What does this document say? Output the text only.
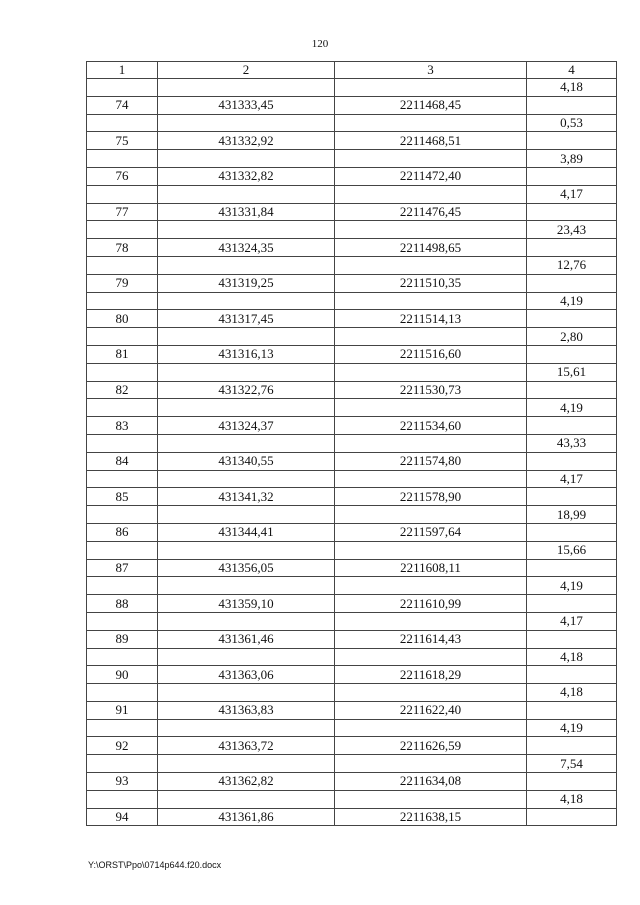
120
1	2	3	4
			4,18
74	431333,45	2211468,45	
			0,53
75	431332,92	2211468,51	
			3,89
76	431332,82	2211472,40	
			4,17
77	431331,84	2211476,45	
			23,43
78	431324,35	2211498,65	
			12,76
79	431319,25	2211510,35	
			4,19
80	431317,45	2211514,13	
			2,80
81	431316,13	2211516,60	
			15,61
82	431322,76	2211530,73	
			4,19
83	431324,37	2211534,60	
			43,33
84	431340,55	2211574,80	
			4,17
85	431341,32	2211578,90	
			18,99
86	431344,41	2211597,64	
			15,66
87	431356,05	2211608,11	
			4,19
88	431359,10	2211610,99	
			4,17
89	431361,46	2211614,43	
			4,18
90	431363,06	2211618,29	
			4,18
91	431363,83	2211622,40	
			4,19
92	431363,72	2211626,59	
			7,54
93	431362,82	2211634,08	
			4,18
94	431361,86	2211638,15	
Y:\ORST\Ppo\0714p644.f20.docx
